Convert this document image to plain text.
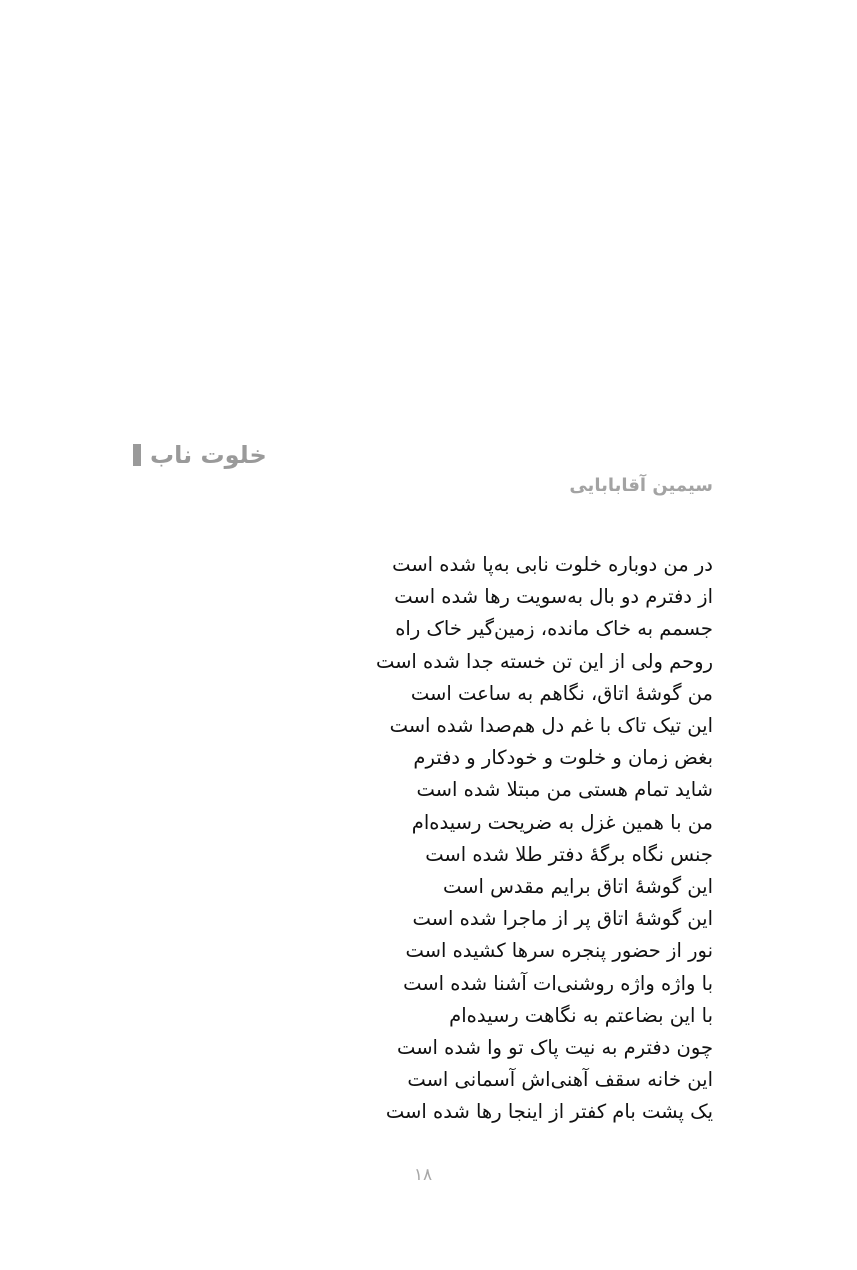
خلوت ناب
سیمین آقابابایی
در من دوباره خلوت نابی به‌پا شده است
از دفترم دو بال به‌سویت رها شده است
جسمم به خاک مانده، زمین‌گیر خاک راه
روحم ولی از این تن خسته جدا شده است
من گوشهٔ اتاق، نگاهم به ساعت است
این تیک تاک با غم دل هم‌صدا شده است
بغض زمان و خلوت و خودکار و دفترم
شاید تمام هستی من مبتلا شده است
من با همین غزل به ضریحت رسیده‌ام
جنس نگاه برگهٔ دفتر طلا شده است
این گوشهٔ اتاق برایم مقدس است
این گوشهٔ اتاق پر از ماجرا شده است
نور از حضور پنجره سرها کشیده است
با واژه واژه روشنی‌ات آشنا شده است
با این بضاعتم به نگاهت رسیده‌ام
چون دفترم به نیت پاک تو وا شده است
این خانه سقف آهنی‌اش آسمانی است
یک پشت بام کفتر از اینجا رها شده است
۱۸
